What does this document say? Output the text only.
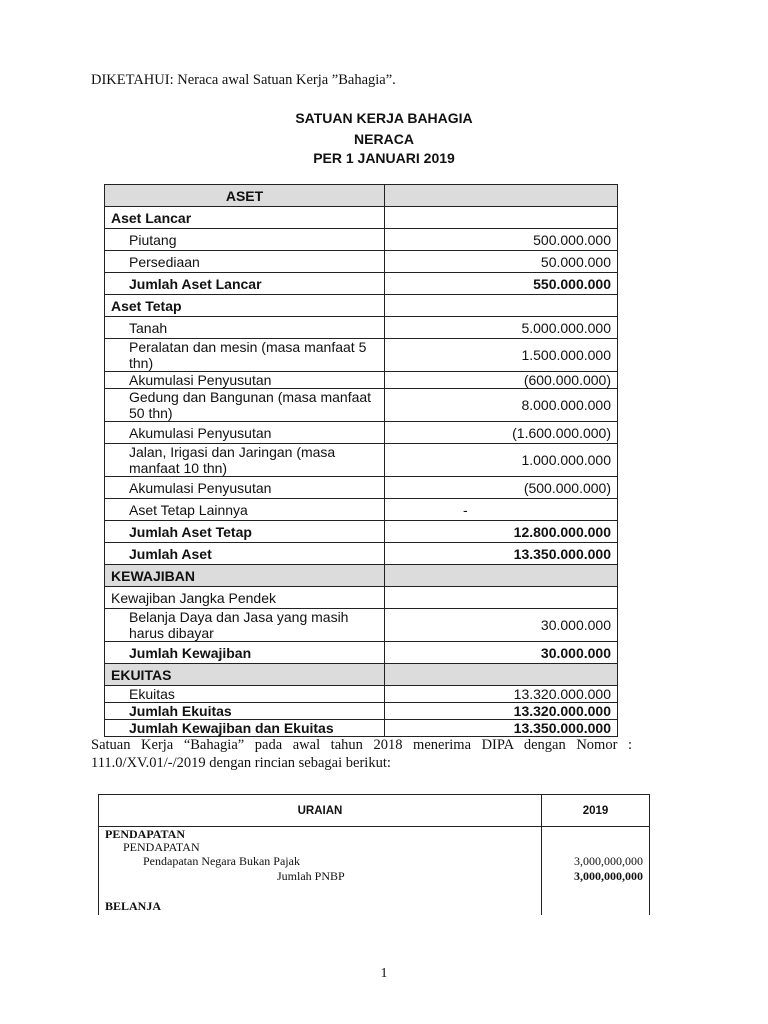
DIKETAHUI: Neraca awal Satuan Kerja ”Bahagia”.
SATUAN KERJA BAHAGIA
NERACA
PER 1 JANUARI 2019
ASET	
Aset Lancar	
Piutang	500.000.000
Persediaan	50.000.000
Jumlah Aset Lancar	550.000.000
Aset Tetap	
Tanah	5.000.000.000
Peralatan dan mesin (masa manfaat 5 thn)	1.500.000.000
Akumulasi Penyusutan	(600.000.000)
Gedung dan Bangunan (masa manfaat 50 thn)	8.000.000.000
Akumulasi Penyusutan	(1.600.000.000)
Jalan, Irigasi dan Jaringan (masa manfaat 10 thn)	1.000.000.000
Akumulasi Penyusutan	(500.000.000)
Aset Tetap Lainnya	-
Jumlah Aset Tetap	12.800.000.000
Jumlah Aset	13.350.000.000
KEWAJIBAN	
Kewajiban Jangka Pendek	
Belanja Daya dan Jasa yang masih harus dibayar	30.000.000
Jumlah Kewajiban	30.000.000
EKUITAS	
Ekuitas	13.320.000.000
Jumlah Ekuitas	13.320.000.000
Jumlah Kewajiban dan Ekuitas	13.350.000.000
Satuan Kerja “Bahagia” pada awal tahun 2018 menerima DIPA dengan Nomor :
111.0/XV.01/-/2019 dengan rincian sebagai berikut:
URAIAN	2019
PENDAPATAN
PENDAPATAN
Pendapatan Negara Bukan Pajak	3,000,000,000
Jumlah PNBP	3,000,000,000
BELANJA
1
